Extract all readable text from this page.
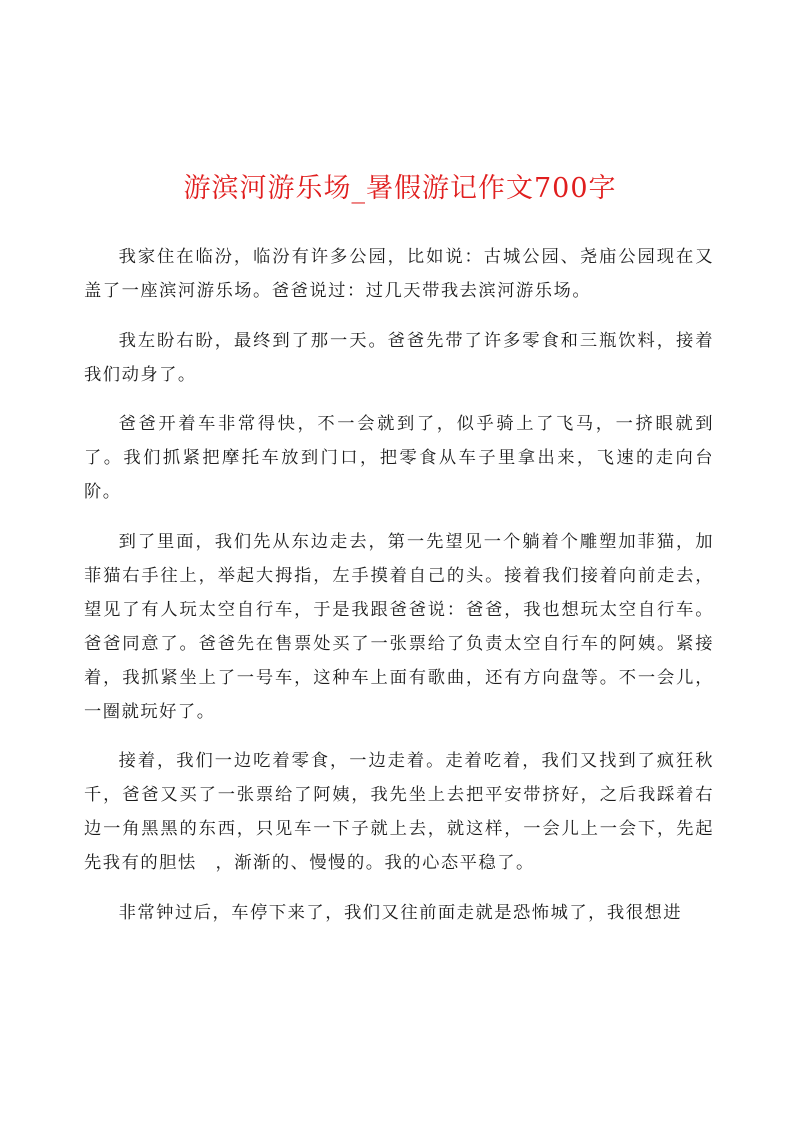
游滨河游乐场_暑假游记作文700字

我家住在临汾，临汾有许多公园，比如说：古城公园、尧庙公园现在又盖了一座滨河游乐场。爸爸说过：过几天带我去滨河游乐场。

我左盼右盼，最终到了那一天。爸爸先带了许多零食和三瓶饮料，接着我们动身了。

爸爸开着车非常得快，不一会就到了，似乎骑上了飞马，一挤眼就到了。我们抓紧把摩托车放到门口，把零食从车子里拿出来，飞速的走向台阶。

到了里面，我们先从东边走去，第一先望见一个躺着个雕塑加菲猫，加菲猫右手往上，举起大拇指，左手摸着自己的头。接着我们接着向前走去，望见了有人玩太空自行车，于是我跟爸爸说：爸爸，我也想玩太空自行车。爸爸同意了。爸爸先在售票处买了一张票给了负责太空自行车的阿姨。紧接着，我抓紧坐上了一号车，这种车上面有歌曲，还有方向盘等。不一会儿，一圈就玩好了。

接着，我们一边吃着零食，一边走着。走着吃着，我们又找到了疯狂秋千，爸爸又买了一张票给了阿姨，我先坐上去把平安带挤好，之后我踩着右边一角黑黑的东西，只见车一下子就上去，就这样，一会儿上一会下，先起先我有的胆怯　，渐渐的、慢慢的。我的心态平稳了。

非常钟过后，车停下来了，我们又往前面走就是恐怖城了，我很想进
